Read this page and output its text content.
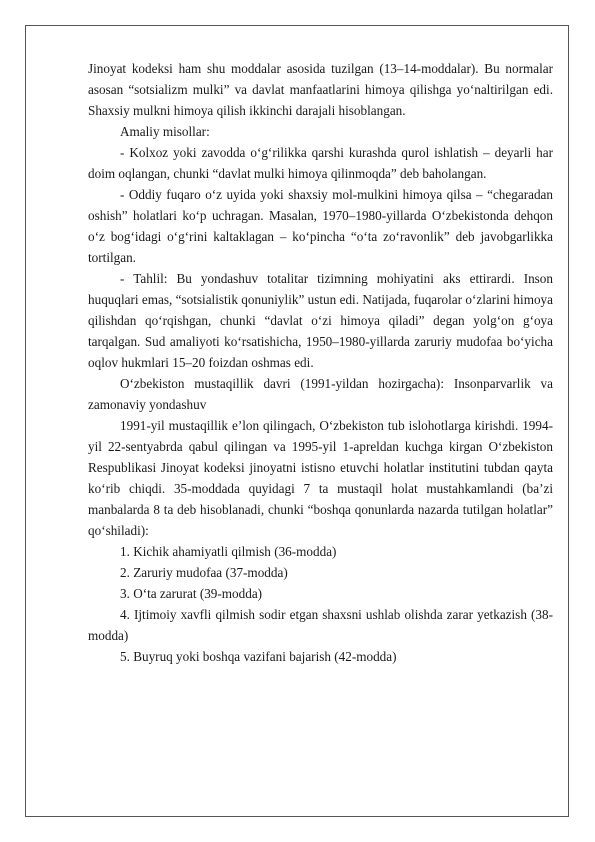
Jinoyat kodeksi ham shu moddalar asosida tuzilgan (13–14-moddalar). Bu normalar asosan “sotsializm mulki” va davlat manfaatlarini himoya qilishga yo‘naltirilgan edi. Shaxsiy mulkni himoya qilish ikkinchi darajali hisoblangan.

Amaliy misollar:

- Kolxoz yoki zavodda o‘g‘rilikka qarshi kurashda qurol ishlatish – deyarli har doim oqlangan, chunki “davlat mulki himoya qilinmoqda” deb baholangan.

- Oddiy fuqaro o‘z uyida yoki shaxsiy mol-mulkini himoya qilsa – “chegaradan oshish” holatlari ko‘p uchragan. Masalan, 1970–1980-yillarda O‘zbekistonda dehqon o‘z bog‘idagi o‘g‘rini kaltaklagan – ko‘pincha “o‘ta zo‘ravonlik” deb javobgarlikka tortilgan.

- Tahlil: Bu yondashuv totalitar tizimning mohiyatini aks ettirardi. Inson huquqlari emas, “sotsialistik qonuniylik” ustun edi. Natijada, fuqarolar o‘zlarini himoya qilishdan qo‘rqishgan, chunki “davlat o‘zi himoya qiladi” degan yolg‘on g‘oya tarqalgan. Sud amaliyoti ko‘rsatishicha, 1950–1980-yillarda zaruriy mudofaa bo‘yicha oqlov hukmlari 15–20 foizdan oshmas edi.

O‘zbekiston mustaqillik davri (1991-yildan hozirgacha): Insonparvarlik va zamonaviy yondashuv

1991-yil mustaqillik e’lon qilingach, O‘zbekiston tub islohotlarga kirishdi. 1994-yil 22-sentyabrda qabul qilingan va 1995-yil 1-apreldan kuchga kirgan O‘zbekiston Respublikasi Jinoyat kodeksi jinoyatni istisno etuvchi holatlar institutini tubdan qayta ko‘rib chiqdi. 35-moddada quyidagi 7 ta mustaqil holat mustahkamlandi (ba’zi manbalarda 8 ta deb hisoblanadi, chunki “boshqa qonunlarda nazarda tutilgan holatlar” qo‘shiladi):

1. Kichik ahamiyatli qilmish (36-modda)

2. Zaruriy mudofaa (37-modda)

3. O‘ta zarurat (39-modda)

4. Ijtimoiy xavfli qilmish sodir etgan shaxsni ushlab olishda zarar yetkazish (38-modda)

5. Buyruq yoki boshqa vazifani bajarish (42-modda)
